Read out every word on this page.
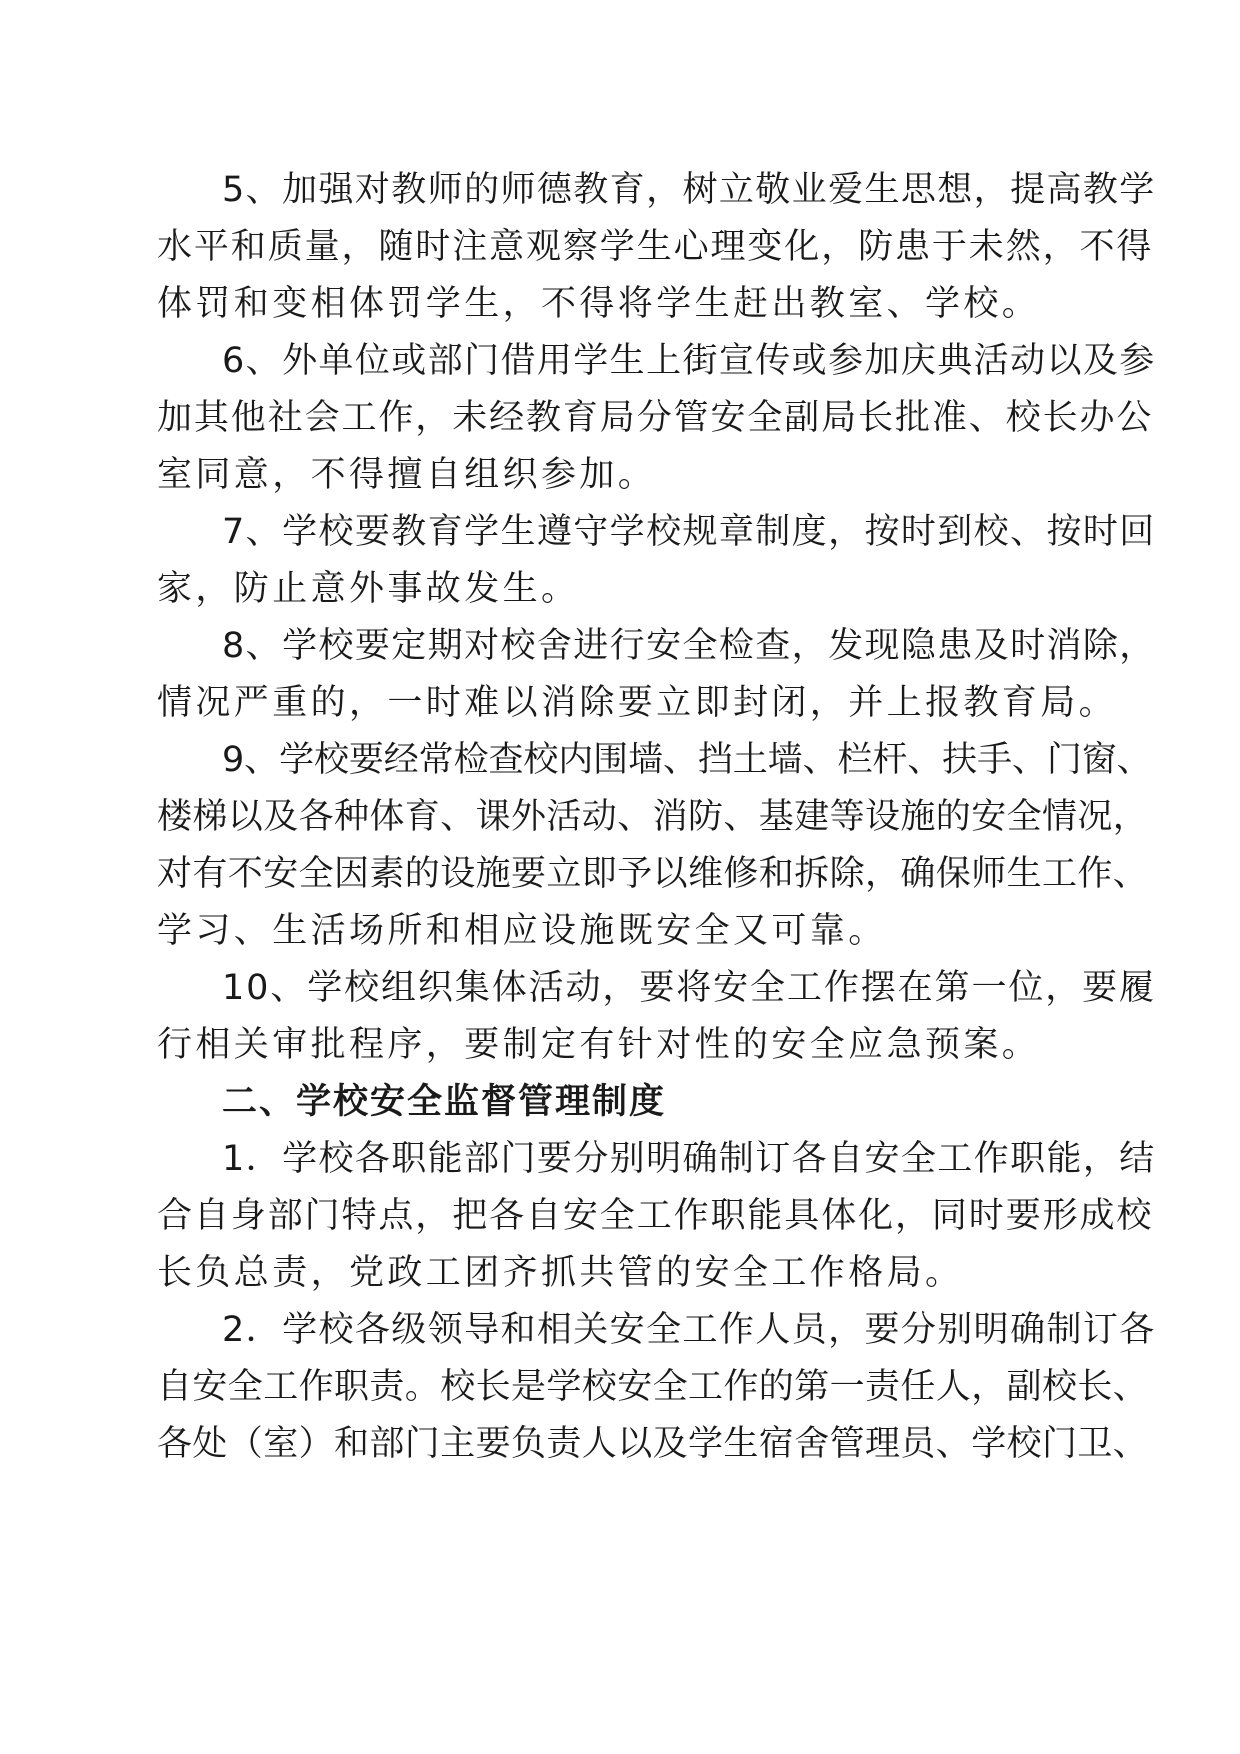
5、加强对教师的师德教育，树立敬业爱生思想，提高教学
水平和质量，随时注意观察学生心理变化，防患于未然，不得
体罚和变相体罚学生，不得将学生赶出教室、学校。
6、外单位或部门借用学生上街宣传或参加庆典活动以及参
加其他社会工作，未经教育局分管安全副局长批准、校长办公
室同意，不得擅自组织参加。
7、学校要教育学生遵守学校规章制度，按时到校、按时回
家，防止意外事故发生。
8、学校要定期对校舍进行安全检查，发现隐患及时消除，
情况严重的，一时难以消除要立即封闭，并上报教育局。
9、学校要经常检查校内围墙、挡土墙、栏杆、扶手、门窗、
楼梯以及各种体育、课外活动、消防、基建等设施的安全情况，
对有不安全因素的设施要立即予以维修和拆除，确保师生工作、
学习、生活场所和相应设施既安全又可靠。
10、学校组织集体活动，要将安全工作摆在第一位，要履
行相关审批程序，要制定有针对性的安全应急预案。
二、学校安全监督管理制度
1．学校各职能部门要分别明确制订各自安全工作职能，结
合自身部门特点，把各自安全工作职能具体化，同时要形成校
长负总责，党政工团齐抓共管的安全工作格局。
2．学校各级领导和相关安全工作人员，要分别明确制订各
自安全工作职责。校长是学校安全工作的第一责任人，副校长、
各处（室）和部门主要负责人以及学生宿舍管理员、学校门卫、
